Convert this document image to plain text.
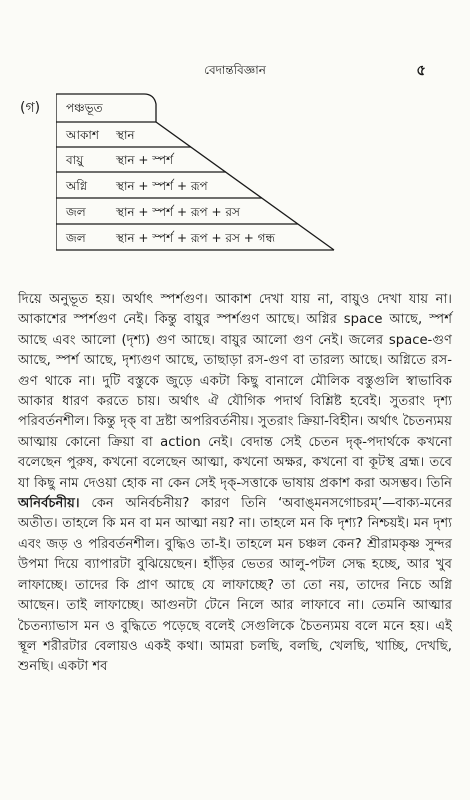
বেদান্তবিজ্ঞান	৫
(গ) পঞ্চভূত
আকাশ স্থান
বায়ু	স্থান + স্পর্শ
অগ্নি স্থান + স্পর্শ + রূপ
জল	স্থান + স্পর্শ + রূপ + রস
জল	স্থান + স্পর্শ + রূপ + রস + গন্ধ

দিয়ে অনুভূত হয়। অর্থাৎ স্পর্শগুণ। আকাশ দেখা যায় না, বায়ুও দেখা যায় না। আকাশের স্পর্শগুণ নেই। কিন্তু বায়ুর স্পর্শগুণ আছে। অগ্নির space আছে, স্পর্শ আছে এবং আলো (দৃশ্য) গুণ আছে। বায়ুর আলো গুণ নেই। জলের space-গুণ আছে, স্পর্শ আছে, দৃশ্যগুণ আছে, তাছাড়া রস-গুণ বা তারল্য আছে। অগ্নিতে রস-গুণ থাকে না। দুটি বস্তুকে জুড়ে একটা কিছু বানালে মৌলিক বস্তুগুলি স্বাভাবিক আকার ধারণ করতে চায়। অর্থাৎ ঐ যৌগিক পদার্থ বিশ্লিষ্ট হবেই। সুতরাং দৃশ্য পরিবর্তনশীল। কিন্তু দৃক্‌ বা দ্রষ্টা অপরিবর্তনীয়। সুতরাং ক্রিয়া-বিহীন। অর্থাৎ চৈতন্যময় আত্মায় কোনো ক্রিয়া বা action নেই। বেদান্ত সেই চেতন দৃক্‌-পদার্থকে কখনো বলেছেন পুরুষ, কখনো বলেছেন আত্মা, কখনো অক্ষর, কখনো বা কূটস্থ ব্রহ্ম। তবে যা কিছু নাম দেওয়া হোক না কেন সেই দৃক্‌-সত্তাকে ভাষায় প্রকাশ করা অসম্ভব। তিনি অনির্বচনীয়। কেন অনির্বচনীয়? কারণ তিনি ‘অবাঙ্‌মনসগোচরম্‌’—বাক্য-মনের অতীত। তাহলে কি মন বা মন আত্মা নয়? না। তাহলে মন কি দৃশ্য? নিশ্চয়ই। মন দৃশ্য এবং জড় ও পরিবর্তনশীল। বুদ্ধিও তা-ই। তাহলে মন চঞ্চল কেন? শ্রীরামকৃষ্ণ সুন্দর উপমা দিয়ে ব্যাপারটা বুঝিয়েছেন। হাঁড়ির ভেতর আলু-পটল সেদ্ধ হচ্ছে, আর খুব লাফাচ্ছে। তাদের কি প্রাণ আছে যে লাফাচ্ছে? তা তো নয়, তাদের নিচে অগ্নি আছেন। তাই লাফাচ্ছে। আগুনটা টেনে নিলে আর লাফাবে না। তেমনি আত্মার চৈতন্যাভাস মন ও বুদ্ধিতে পড়েছে বলেই সেগুলিকে চৈতন্যময় বলে মনে হয়। এই স্থূল শরীরটার বেলায়ও একই কথা। আমরা চলছি, বলছি, খেলছি, খাচ্ছি, দেখছি, শুনছি। একটা শব
